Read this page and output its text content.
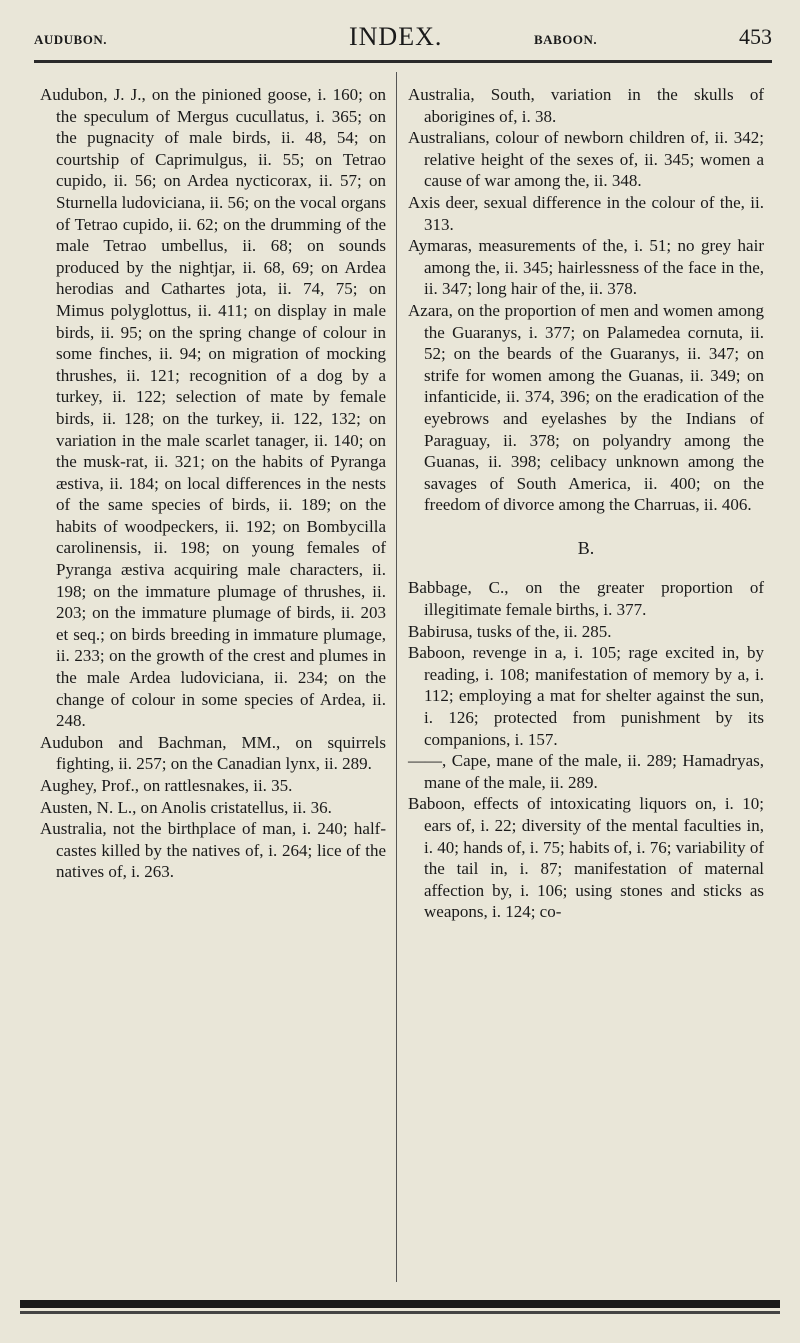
AUDUBON.	INDEX.	BABOON.	453

Audubon, J. J., on the pinioned goose, i. 160; on the speculum of Mergus cucullatus, i. 365; on the pugnacity of male birds, ii. 48, 54; on courtship of Caprimulgus, ii. 55; on Tetrao cupido, ii. 56; on Ardea nycticorax, ii. 57; on Sturnella ludoviciana, ii. 56; on the vocal organs of Tetrao cupido, ii. 62; on the drumming of the male Tetrao umbellus, ii. 68; on sounds produced by the nightjar, ii. 68, 69; on Ardea herodias and Cathartes jota, ii. 74, 75; on Mimus polyglottus, ii. 411; on display in male birds, ii. 95; on the spring change of colour in some finches, ii. 94; on migration of mocking thrushes, ii. 121; recognition of a dog by a turkey, ii. 122; selection of mate by female birds, ii. 128; on the turkey, ii. 122, 132; on variation in the male scarlet tanager, ii. 140; on the musk-rat, ii. 321; on the habits of Pyranga æstiva, ii. 184; on local differences in the nests of the same species of birds, ii. 189; on the habits of woodpeckers, ii. 192; on Bombycilla carolinensis, ii. 198; on young females of Pyranga æstiva acquiring male characters, ii. 198; on the immature plumage of thrushes, ii. 203; on the immature plumage of birds, ii. 203 et seq.; on birds breeding in immature plumage, ii. 233; on the growth of the crest and plumes in the male Ardea ludoviciana, ii. 234; on the change of colour in some species of Ardea, ii. 248.

Audubon and Bachman, MM., on squirrels fighting, ii. 257; on the Canadian lynx, ii. 289.

Aughey, Prof., on rattlesnakes, ii. 35.

Austen, N. L., on Anolis cristatellus, ii. 36.

Australia, not the birthplace of man, i. 240; half-castes killed by the natives of, i. 264; lice of the natives of, i. 263.

Australia, South, variation in the skulls of aborigines of, i. 38.

Australians, colour of newborn children of, ii. 342; relative height of the sexes of, ii. 345; women a cause of war among the, ii. 348.

Axis deer, sexual difference in the colour of the, ii. 313.

Aymaras, measurements of the, i. 51; no grey hair among the, ii. 345; hairlessness of the face in the, ii. 347; long hair of the, ii. 378.

Azara, on the proportion of men and women among the Guaranys, i. 377; on Palamedea cornuta, ii. 52; on the beards of the Guaranys, ii. 347; on strife for women among the Guanas, ii. 349; on infanticide, ii. 374, 396; on the eradication of the eyebrows and eyelashes by the Indians of Paraguay, ii. 378; on polyandry among the Guanas, ii. 398; celibacy unknown among the savages of South America, ii. 400; on the freedom of divorce among the Charruas, ii. 406.

B.

Babbage, C., on the greater proportion of illegitimate female births, i. 377.

Babirusa, tusks of the, ii. 285.

Baboon, revenge in a, i. 105; rage excited in, by reading, i. 108; manifestation of memory by a, i. 112; employing a mat for shelter against the sun, i. 126; protected from punishment by its companions, i. 157.

——, Cape, mane of the male, ii. 289; Hamadryas, mane of the male, ii. 289.

Baboon, effects of intoxicating liquors on, i. 10; ears of, i. 22; diversity of the mental faculties in, i. 40; hands of, i. 75; habits of, i. 76; variability of the tail in, i. 87; manifestation of maternal affection by, i. 106; using stones and sticks as weapons, i. 124; co-
